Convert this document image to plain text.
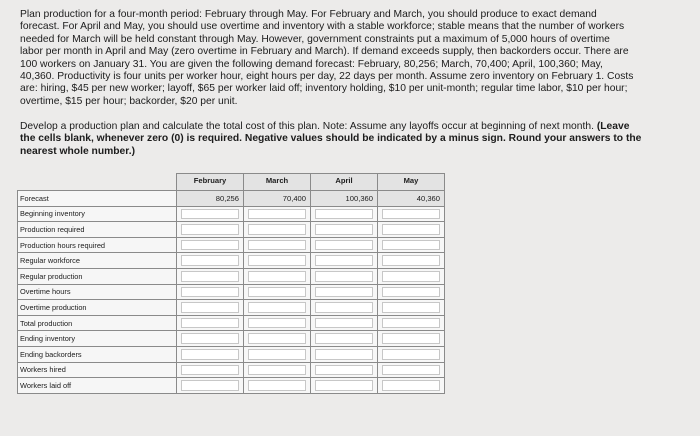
Plan production for a four-month period: February through May. For February and March, you should produce to exact demand

forecast. For April and May, you should use overtime and inventory with a stable workforce; stable means that the number of workers

needed for March will be held constant through May. However, government constraints put a maximum of 5,000 hours of overtime

labor per month in April and May (zero overtime in February and March). If demand exceeds supply, then backorders occur. There are

100 workers on January 31. You are given the following demand forecast: February, 80,256; March, 70,400; April, 100,360; May,

40,360. Productivity is four units per worker hour, eight hours per day, 22 days per month. Assume zero inventory on February 1. Costs

are: hiring, $45 per new worker; layoff, $65 per worker laid off; inventory holding, $10 per unit-month; regular time labor, $10 per hour;

overtime, $15 per hour; backorder, $20 per unit.

Develop a production plan and calculate the total cost of this plan. Note: Assume any layoffs occur at beginning of next month. (Leave

the cells blank, whenever zero (0) is required. Negative values should be indicated by a minus sign. Round your answers to the

nearest whole number.)

	February	March	April	May
Forecast	80,256	70,400	100,360	40,360
Beginning inventory				
Production required				
Production hours required				
Regular workforce				
Regular production				
Overtime hours				
Overtime production				
Total production				
Ending inventory				
Ending backorders				
Workers hired				
Workers laid off				
